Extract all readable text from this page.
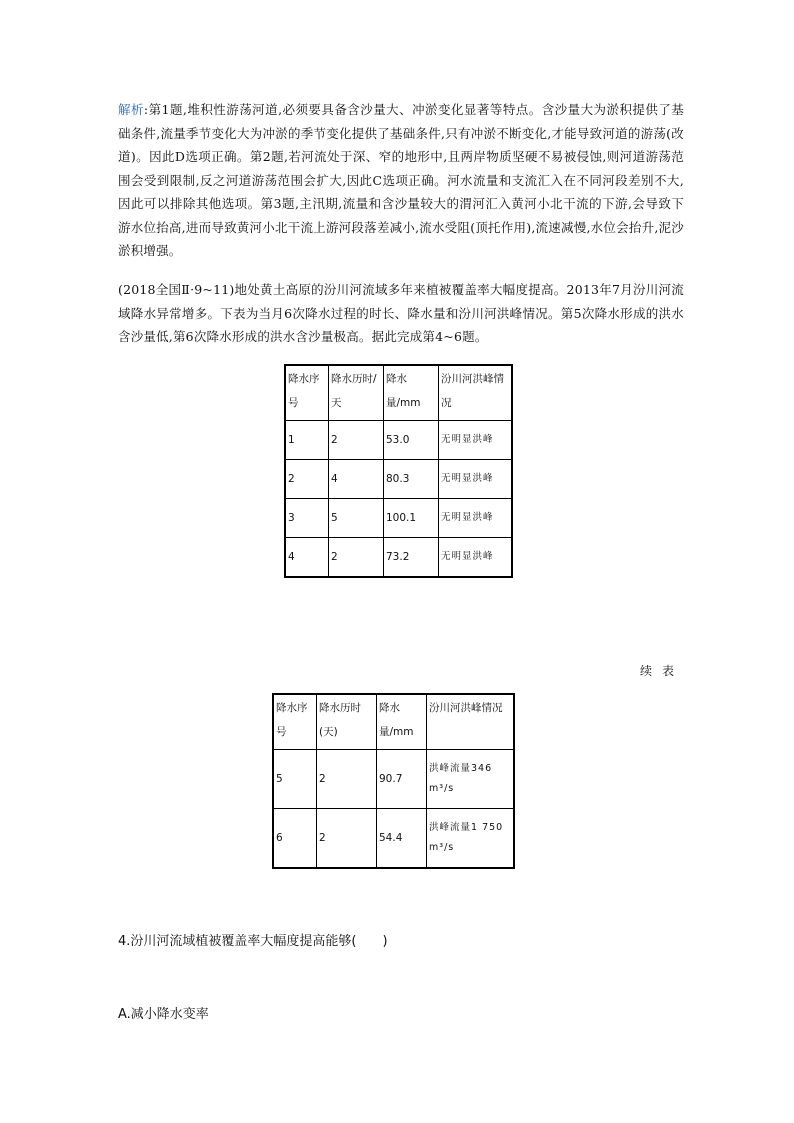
解析:第1题,堆积性游荡河道,必须要具备含沙量大、冲淤变化显著等特点。含沙量大为淤积提供了基础条件,流量季节变化大为冲淤的季节变化提供了基础条件,只有冲淤不断变化,才能导致河道的游荡(改道)。因此D选项正确。第2题,若河流处于深、窄的地形中,且两岸物质坚硬不易被侵蚀,则河道游荡范围会受到限制,反之河道游荡范围会扩大,因此C选项正确。河水流量和支流汇入在不同河段差别不大,因此可以排除其他选项。第3题,主汛期,流量和含沙量较大的渭河汇入黄河小北干流的下游,会导致下游水位抬高,进而导致黄河小北干流上游河段落差减小,流水受阻(顶托作用),流速减慢,水位会抬升,泥沙淤积增强。
(2018全国Ⅱ·9~11)地处黄土高原的汾川河流域多年来植被覆盖率大幅度提高。2013年7月汾川河流域降水异常增多。下表为当月6次降水过程的时长、降水量和汾川河洪峰情况。第5次降水形成的洪水含沙量低,第6次降水形成的洪水含沙量极高。据此完成第4~6题。
降水序号	降水历时/天	降水量/mm	汾川河洪峰情况
1	2	53.0	无明显洪峰
2	4	80.3	无明显洪峰
3	5	100.1	无明显洪峰
4	2	73.2	无明显洪峰
续表
降水序号	降水历时(天)	降水量/mm	汾川河洪峰情况
5	2	90.7	洪峰流量346 m³/s
6	2	54.4	洪峰流量1 750 m³/s
4.汾川河流域植被覆盖率大幅度提高能够(　　)
A.减小降水变率
